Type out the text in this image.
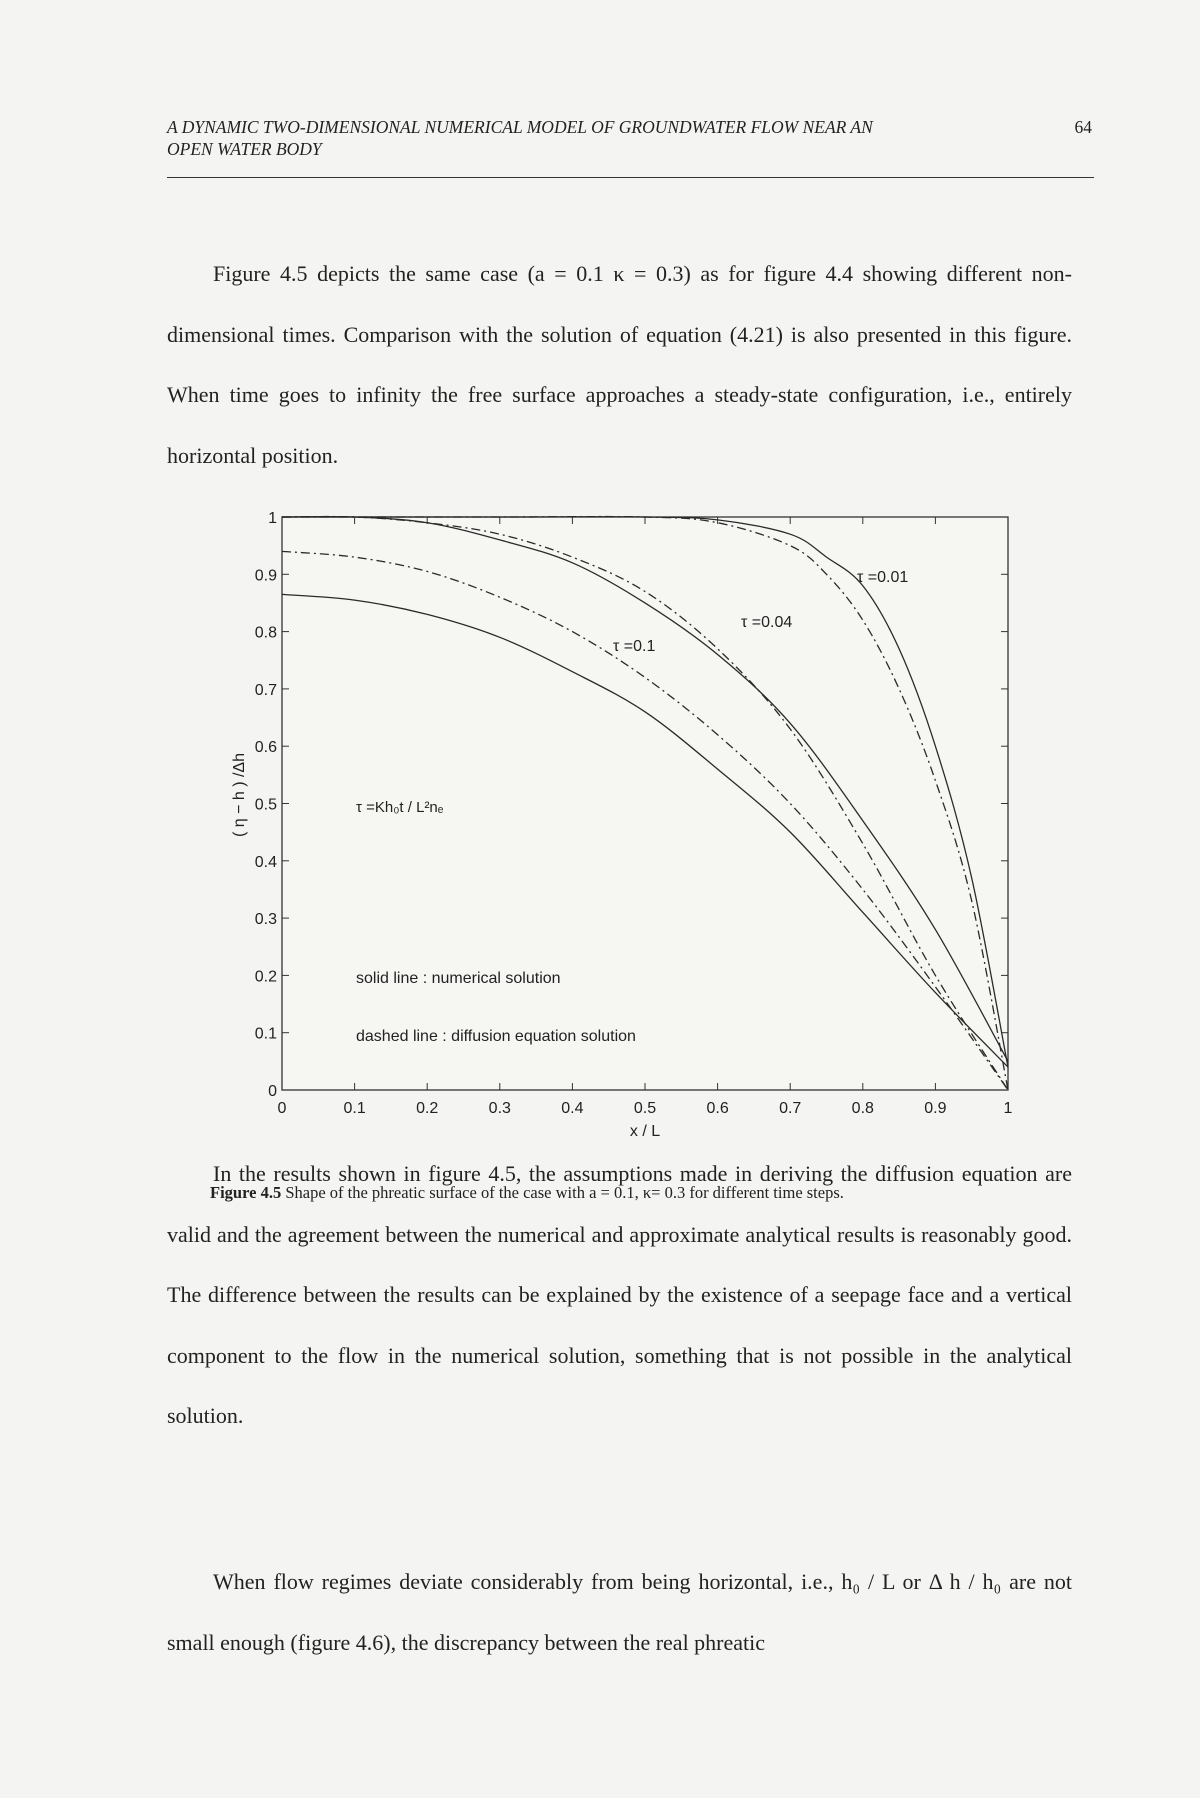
A DYNAMIC TWO-DIMENSIONAL NUMERICAL MODEL OF GROUNDWATER FLOW NEAR AN
OPEN WATER BODY
64

Figure 4.5 depicts the same case (a = 0.1 κ = 0.3) as for figure 4.4 showing different non-dimensional times. Comparison with the solution of equation (4.21) is also presented in this figure. When time goes to infinity the free surface approaches a steady-state configuration, i.e., entirely horizontal position.

0	0.1	0.2	0.3	0.4	0.5	0.6	0.7	0.8	0.9	1
0
0.1
0.2
0.3
0.4
0.5
0.6
0.7
0.8
0.9
1
( η − h ) /Δh
x / L
τ =Kh₀t / L²nₑ
solid line : numerical solution
dashed line : diffusion equation solution
τ =0.01
τ =0.04
τ =0.1
Figure 4.5 Shape of the phreatic surface of the case with a = 0.1, κ= 0.3 for different time steps.

In the results shown in figure 4.5, the assumptions made in deriving the diffusion equation are valid and the agreement between the numerical and approximate analytical results is reasonably good. The difference between the results can be explained by the existence of a seepage face and a vertical component to the flow in the numerical solution, something that is not possible in the analytical solution.

When flow regimes deviate considerably from being horizontal, i.e., h₀ / L or Δ h / h₀ are not small enough (figure 4.6), the discrepancy between the real phreatic
